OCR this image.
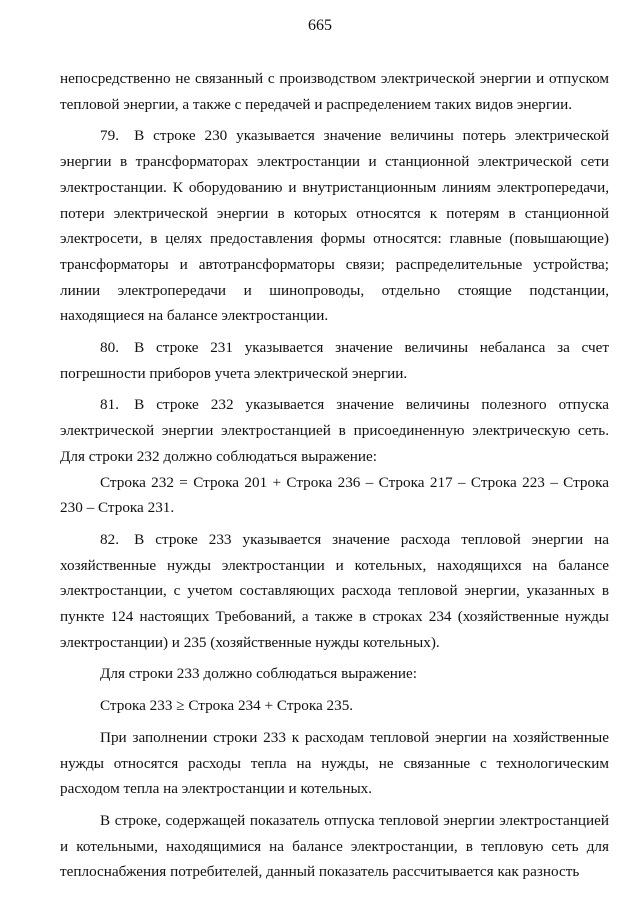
665

непосредственно не связанный с производством электрической энергии и отпуском тепловой энергии, а также с передачей и распределением таких видов энергии.

79. В строке 230 указывается значение величины потерь электрической энергии в трансформаторах электростанции и станционной электрической сети электростанции. К оборудованию и внутристанционным линиям электропередачи, потери электрической энергии в которых относятся к потерям в станционной электросети, в целях предоставления формы относятся: главные (повышающие) трансформаторы и автотрансформаторы связи; распределительные устройства; линии электропередачи и шинопроводы, отдельно стоящие подстанции, находящиеся на балансе электростанции.

80. В строке 231 указывается значение величины небаланса за счет погрешности приборов учета электрической энергии.

81. В строке 232 указывается значение величины полезного отпуска электрической энергии электростанцией в присоединенную электрическую сеть. Для строки 232 должно соблюдаться выражение:

Строка 232 = Строка 201 + Строка 236 – Строка 217 – Строка 223 – Строка 230 – Строка 231.

82. В строке 233 указывается значение расхода тепловой энергии на хозяйственные нужды электростанции и котельных, находящихся на балансе электростанции, с учетом составляющих расхода тепловой энергии, указанных в пункте 124 настоящих Требований, а также в строках 234 (хозяйственные нужды электростанции) и 235 (хозяйственные нужды котельных).

Для строки 233 должно соблюдаться выражение:

Строка 233 ≥ Строка 234 + Строка 235.

При заполнении строки 233 к расходам тепловой энергии на хозяйственные нужды относятся расходы тепла на нужды, не связанные с технологическим расходом тепла на электростанции и котельных.

В строке, содержащей показатель отпуска тепловой энергии электростанцией и котельными, находящимися на балансе электростанции, в тепловую сеть для теплоснабжения потребителей, данный показатель рассчитывается как разность
